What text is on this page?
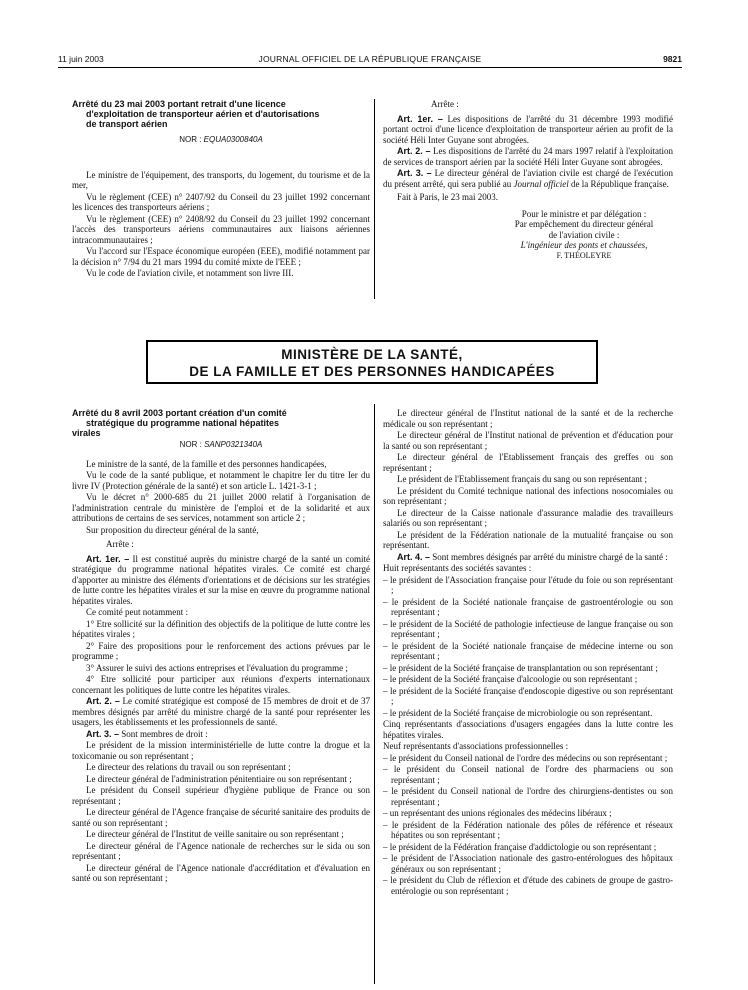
11 juin 2003	JOURNAL OFFICIEL DE LA RÉPUBLIQUE FRANÇAISE	9821
Arrêté du 23 mai 2003 portant retrait d'une licence
d'exploitation de transporteur aérien et d'autorisations
de transport aérien
NOR : EQUA0300840A

Le ministre de l'équipement, des transports, du logement, du tourisme et de la mer,

Vu le règlement (CEE) n° 2407/92 du Conseil du 23 juillet 1992 concernant les licences des transporteurs aériens ;

Vu le règlement (CEE) n° 2408/92 du Conseil du 23 juillet 1992 concernant l'accès des transporteurs aériens communautaires aux liaisons aériennes intracommunautaires ;

Vu l'accord sur l'Espace économique européen (EEE), modifié notamment par la décision n° 7/94 du 21 mars 1994 du comité mixte de l'EEE ;

Vu le code de l'aviation civile, et notamment son livre III.

Arrête :

Art. 1er. – Les dispositions de l'arrêté du 31 décembre 1993 modifié portant octroi d'une licence d'exploitation de transporteur aérien au profit de la société Héli Inter Guyane sont abrogées.

Art. 2. – Les dispositions de l'arrêté du 24 mars 1997 relatif à l'exploitation de services de transport aérien par la société Héli Inter Guyane sont abrogées.

Art. 3. – Le directeur général de l'aviation civile est chargé de l'exécution du présent arrêté, qui sera publié au Journal officiel de la République française.

Fait à Paris, le 23 mai 2003.

Pour le ministre et par délégation :
Par empêchement du directeur général
de l'aviation civile :
L'ingénieur des ponts et chaussées,
F. THÉOLEYRE
MINISTÈRE DE LA SANTÉ,
DE LA FAMILLE ET DES PERSONNES HANDICAPÉES
Arrêté du 8 avril 2003 portant création d'un comité
stratégique du programme national hépatites
virales
NOR : SANP0321340A

Le ministre de la santé, de la famille et des personnes handicapées,

Vu le code de la santé publique, et notamment le chapitre Ier du titre Ier du livre IV (Protection générale de la santé) et son article L. 1421-3-1 ;

Vu le décret n° 2000-685 du 21 juillet 2000 relatif à l'organisation de l'administration centrale du ministère de l'emploi et de la solidarité et aux attributions de certains de ses services, notamment son article 2 ;

Sur proposition du directeur général de la santé,

Arrête :

Art. 1er. – Il est constitué auprès du ministre chargé de la santé un comité stratégique du programme national hépatites virales. Ce comité est chargé d'apporter au ministre des éléments d'orientations et de décisions sur les stratégies de lutte contre les hépatites virales et sur la mise en œuvre du programme national hépatites virales.

Ce comité peut notamment :

1° Etre sollicité sur la définition des objectifs de la politique de lutte contre les hépatites virales ;

2° Faire des propositions pour le renforcement des actions prévues par le programme ;

3° Assurer le suivi des actions entreprises et l'évaluation du programme ;

4° Etre sollicité pour participer aux réunions d'experts internationaux concernant les politiques de lutte contre les hépatites virales.

Art. 2. – Le comité stratégique est composé de 15 membres de droit et de 37 membres désignés par arrêté du ministre chargé de la santé pour représenter les usagers, les établissements et les professionnels de santé.

Art. 3. – Sont membres de droit :

Le président de la mission interministérielle de lutte contre la drogue et la toxicomanie ou son représentant ;

Le directeur des relations du travail ou son représentant ;

Le directeur général de l'administration pénitentiaire ou son représentant ;

Le président du Conseil supérieur d'hygiène publique de France ou son représentant ;

Le directeur général de l'Agence française de sécurité sanitaire des produits de santé ou son représentant ;

Le directeur général de l'Institut de veille sanitaire ou son représentant ;

Le directeur général de l'Agence nationale de recherches sur le sida ou son représentant ;

Le directeur général de l'Agence nationale d'accréditation et d'évaluation en santé ou son représentant ;

Le directeur général de l'Institut national de la santé et de la recherche médicale ou son représentant ;

Le directeur général de l'Institut national de prévention et d'éducation pour la santé ou son représentant ;

Le directeur général de l'Etablissement français des greffes ou son représentant ;

Le président de l'Etablissement français du sang ou son représentant ;

Le président du Comité technique national des infections nosocomiales ou son représentant ;

Le directeur de la Caisse nationale d'assurance maladie des travailleurs salariés ou son représentant ;

Le président de la Fédération nationale de la mutualité française ou son représentant.

Art. 4. – Sont membres désignés par arrêté du ministre chargé de la santé :

Huit représentants des sociétés savantes :

– le président de l'Association française pour l'étude du foie ou son représentant ;

– le président de la Société nationale française de gastroentérologie ou son représentant ;

– le président de la Société de pathologie infectieuse de langue française ou son représentant ;

– le président de la Société nationale française de médecine interne ou son représentant ;

– le président de la Société française de transplantation ou son représentant ;

– le président de la Société française d'alcoologie ou son représentant ;

– le président de la Société française d'endoscopie digestive ou son représentant ;

– le président de la Société française de microbiologie ou son représentant.

Cinq représentants d'associations d'usagers engagées dans la lutte contre les hépatites virales.

Neuf représentants d'associations professionnelles :

– le président du Conseil national de l'ordre des médecins ou son représentant ;

– le président du Conseil national de l'ordre des pharmaciens ou son représentant ;

– le président du Conseil national de l'ordre des chirurgiens-dentistes ou son représentant ;

– un représentant des unions régionales des médecins libéraux ;

– le président de la Fédération nationale des pôles de référence et réseaux hépatites ou son représentant ;

– le président de la Fédération française d'addictologie ou son représentant ;

– le président de l'Association nationale des gastro-entérologues des hôpitaux généraux ou son représentant ;

– le président du Club de réflexion et d'étude des cabinets de groupe de gastro-entérologie ou son représentant ;
